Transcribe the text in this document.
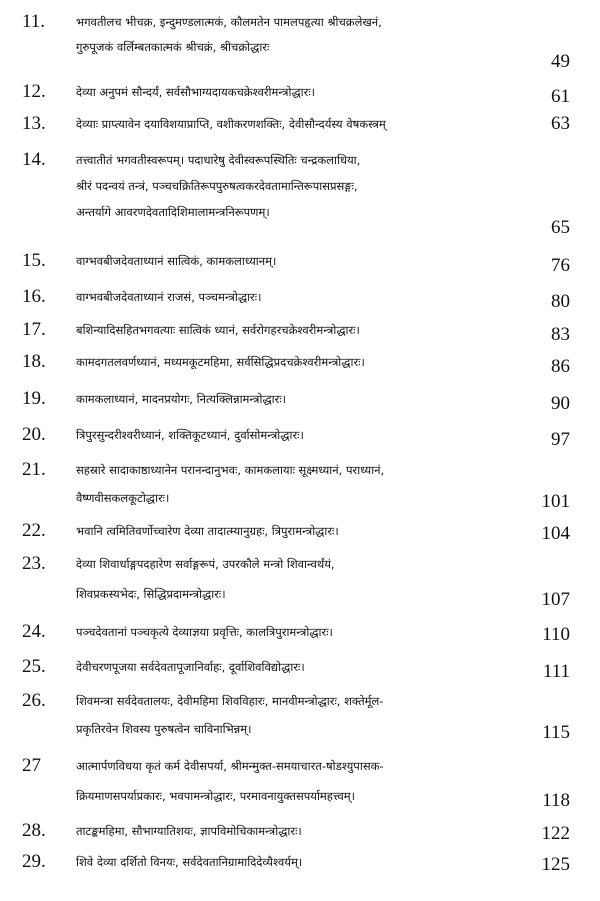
11.	भगवतीलच भीचक्र, इन्दुमण्डलात्मकं, कौलमतेन पामलपहृत्या श्रीचक्रलेखनं,
गुरुपूजकं वर्लिम्बतकात्मकं श्रीचक्रं, श्रीचक्रोद्धारः
49
12.	देव्या अनुपमं सौन्दर्यं, सर्वसौभाग्यदायकचक्रेश्वरीमन्त्रोद्धारः।	61
13.	देव्याः प्राप्त्यावेन दयाविशयाप्राप्ति, वशीकरणशक्तिः, देवीसौन्दर्यस्य वेषकस्त्रम्	63
14.	तत्त्वातीतं भगवतीस्वरूपम्। पदाधारेषु देवीस्वरूपस्थितिः चन्द्रकलाधिया,
श्रीरं पदन्वयं तन्त्रं, पञ्चचक्रितिरूपपुरुषत्वकरदेवतामान्तिरूपासप्रसङ्गः,
अन्तर्यागे आवरणदेवतादिशिमालामन्त्रनिरूपणम्।
65
15.	वाग्भवबीजदेवताध्यानं सात्विकं, कामकलाध्यानम्।	76
16.	वाग्भवबीजदेवताध्यानं राजसं, पञ्चमन्त्रोद्धारः।	80
17.	बशिन्यादिसहितभगवत्याः सात्विकं ध्यानं, सर्वरोगहरचक्रेश्वरीमन्त्रोद्धारः।	83
18.	कामदगतलवर्णध्यानं, मध्यमकूटमहिमा, सर्वसिद्धिप्रदचक्रेश्वरीमन्त्रोद्धारः।	86
19.	कामकलाध्यानं, मादनप्रयोगः, नित्यक्लिन्नामन्त्रोद्धारः।	90
20.	त्रिपुरसुन्दरीश्वरीध्यानं, शक्तिकूटध्यानं, दुर्वासोमन्त्रोद्धारः।	97
21.	सहस्रारे सादाकाष्ठाध्यानेन परानन्दानुभवः, कामकलायाः सूक्ष्मध्यानं, पराध्यानं,
वैष्णवीसकलकूटोद्धारः।	101
22.	भवानि त्वमितिवर्णोच्चारेण देव्या तादात्म्यानुग्रहः, त्रिपुरामन्त्रोद्धारः।	104
23.	देव्या शिवार्धाङ्गपदहारेण सर्वाङ्गरूपं, उपरकौले मन्त्रो शिवान्वर्थंयं,
शिवप्रकस्यभेदः, सिद्धिप्रदामन्त्रोद्धारः।	107
24.	पञ्चदेवतानां पञ्चकृत्ये देव्याज्ञया प्रवृत्तिः, कालत्रिपुरामन्त्रोद्धारः।	110
25.	देवीचरणपूजया सर्वदेवतापूजानिर्वाहः, दूर्वाशिवविद्योद्धारः।	111
26.	शिवमन्त्रा सर्वदेवतालयः, देवीमहिमा शिवविहारः, मानवीमन्त्रोद्धारः, शक्तेर्मूल-
प्रकृतिरवेन शिवस्य पुरुषत्वेन चाविनाभिन्नम्।	115
27	आत्मार्पणविधया कृतं कर्म देवीसपर्या, श्रीमन्मुक्त-समयाचारत-षोडश्युपासक-
क्रियमाणसपर्याप्रकारः, भवपामन्त्रोद्धारः, परमावनायुक्तसपर्यामहत्त्वम्।	118
28.	ताटङ्कमहिमा, सौभाग्यातिशयः, ज्ञापविमोचिकामन्त्रोद्धारः।	122
29.	शिवे देव्या दर्शितो विनयः, सर्वदेवतानिग्रामादिदेव्यैश्वर्यम्।	125
